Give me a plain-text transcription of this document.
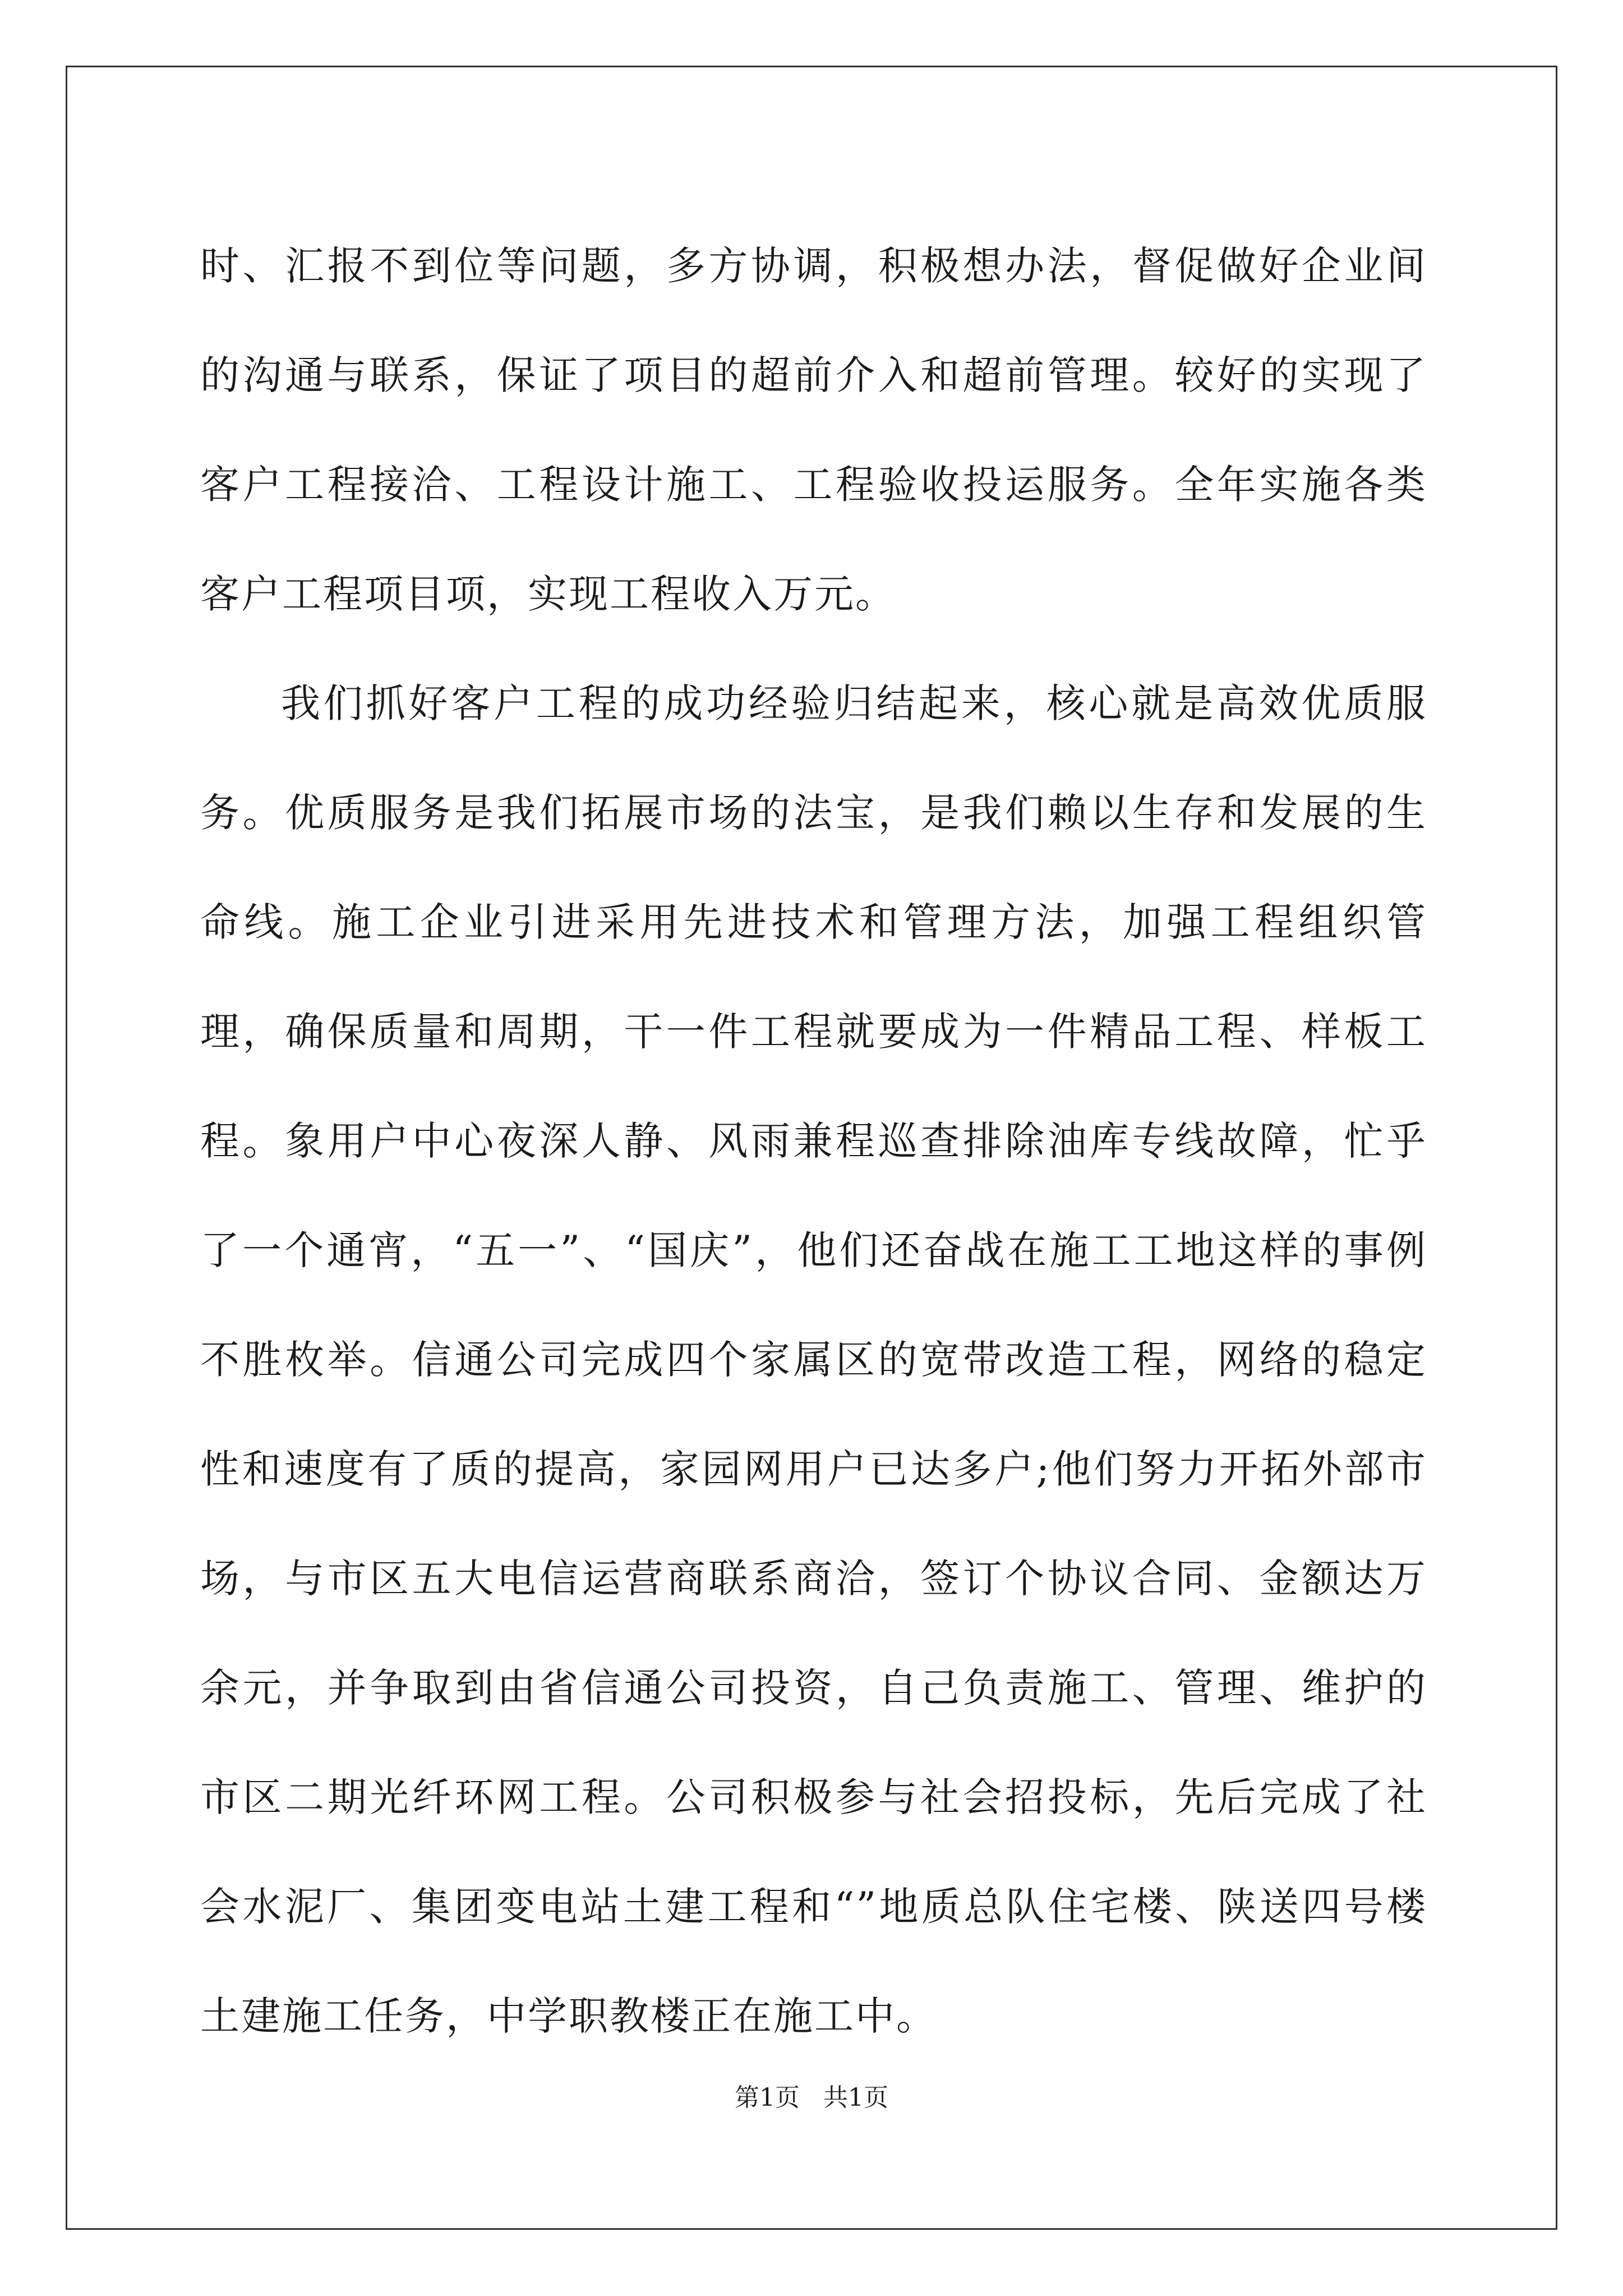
时、汇报不到位等问题，多方协调，积极想办法，督促做好企业间的沟通与联系，保证了项目的超前介入和超前管理。较好的实现了客户工程接洽、工程设计施工、工程验收投运服务。全年实施各类客户工程项目项，实现工程收入万元。

我们抓好客户工程的成功经验归结起来，核心就是高效优质服务。优质服务是我们拓展市场的法宝，是我们赖以生存和发展的生命线。施工企业引进采用先进技术和管理方法，加强工程组织管理，确保质量和周期，干一件工程就要成为一件精品工程、样板工程。象用户中心夜深人静、风雨兼程巡查排除油库专线故障，忙乎了一个通宵，“五一”、“国庆”，他们还奋战在施工工地这样的事例不胜枚举。信通公司完成四个家属区的宽带改造工程，网络的稳定性和速度有了质的提高，家园网用户已达多户;他们努力开拓外部市场，与市区五大电信运营商联系商洽，签订个协议合同、金额达万余元，并争取到由省信通公司投资，自己负责施工、管理、维护的市区二期光纤环网工程。公司积极参与社会招投标，先后完成了社会水泥厂、集团变电站土建工程和“”地质总队住宅楼、陕送四号楼土建施工任务，中学职教楼正在施工中。

第1页 共1页
